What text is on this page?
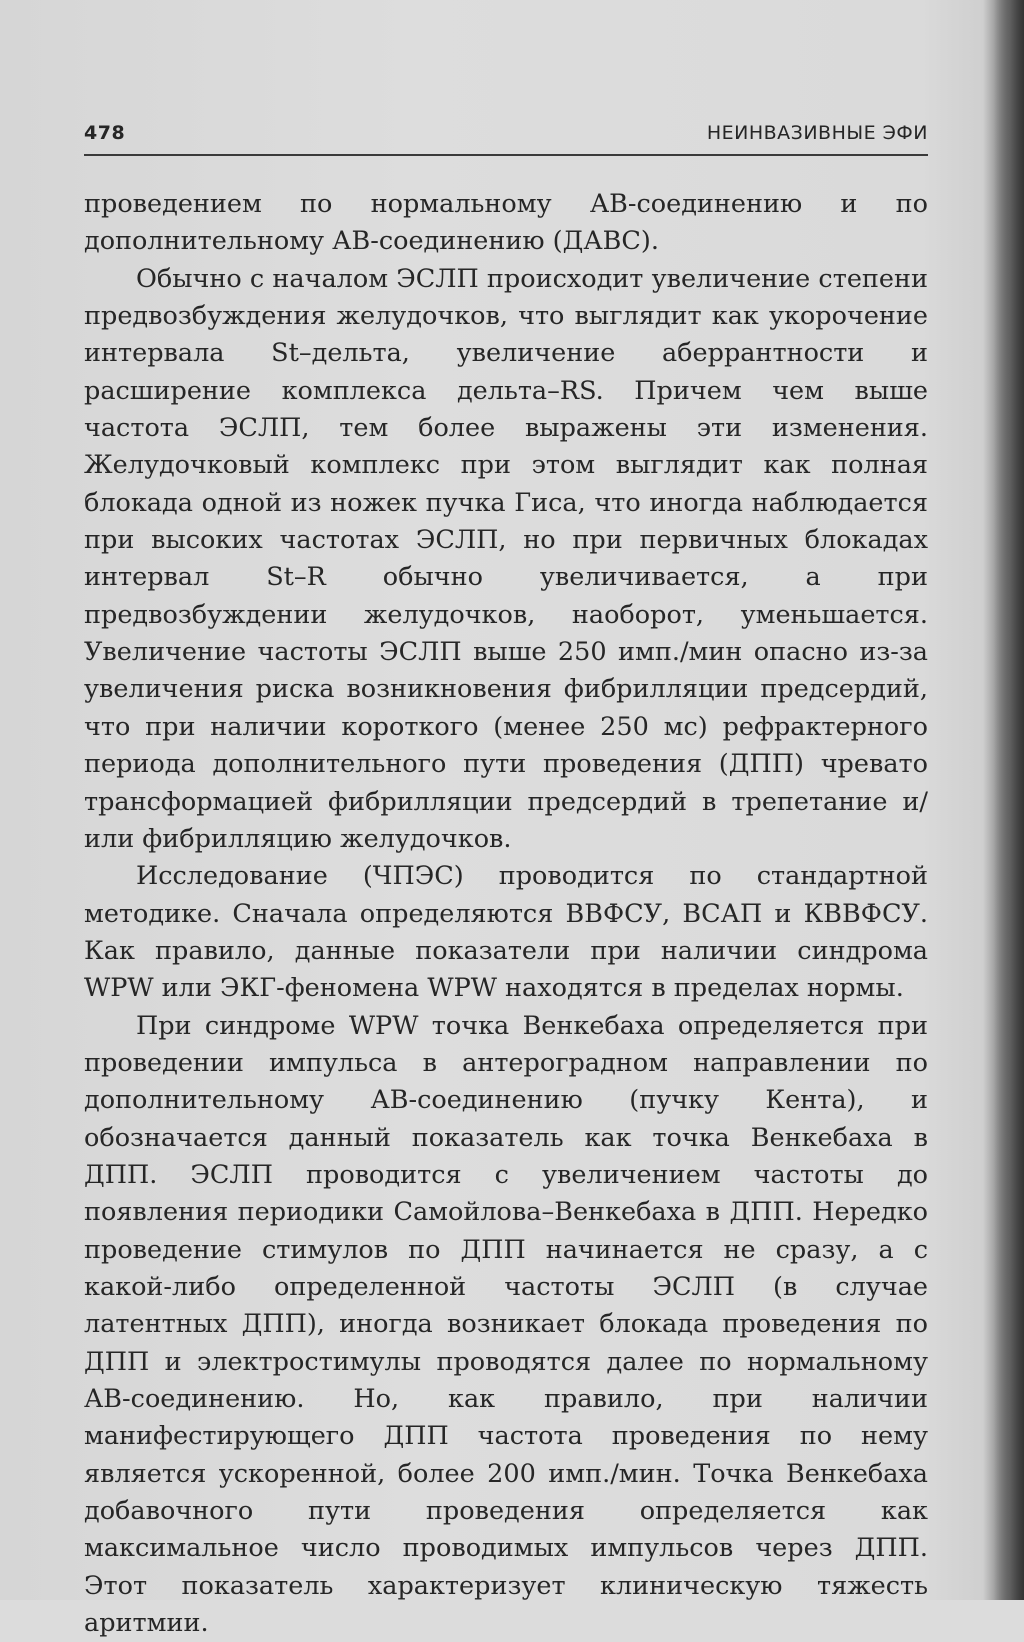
478	НЕИНВАЗИВНЫЕ ЭФИ

проведением по нормальному АВ-соединению и по дополнительному АВ-соединению (ДАВС).

Обычно с началом ЭСЛП происходит увеличение степени предвозбуждения желудочков, что выглядит как укорочение интервала St–дельта, увеличение аберрантности и расширение комплекса дельта–RS. Причем чем выше частота ЭСЛП, тем более выражены эти изменения. Желудочковый комплекс при этом выглядит как полная блокада одной из ножек пучка Гиса, что иногда наблюдается при высоких частотах ЭСЛП, но при первичных блокадах интервал St–R обычно увеличивается, а при предвозбуждении желудочков, наоборот, уменьшается. Увеличение частоты ЭСЛП выше 250 имп./мин опасно из-за увеличения риска возникновения фибрилляции предсердий, что при наличии короткого (менее 250 мс) рефрактерного периода дополнительного пути проведения (ДПП) чревато трансформацией фибрилляции предсердий в трепетание и/или фибрилляцию желудочков.

Исследование (ЧПЭС) проводится по стандартной методике. Сначала определяются ВВФСУ, ВСАП и КВВФСУ. Как правило, данные показатели при наличии синдрома WPW или ЭКГ-феномена WPW находятся в пределах нормы.

При синдроме WPW точка Венкебаха определяется при проведении импульса в антероградном направлении по дополнительному АВ-соединению (пучку Кента), и обозначается данный показатель как точка Венкебаха в ДПП. ЭСЛП проводится с увеличением частоты до появления периодики Самойлова–Венкебаха в ДПП. Нередко проведение стимулов по ДПП начинается не сразу, а с какой-либо определенной частоты ЭСЛП (в случае латентных ДПП), иногда возникает блокада проведения по ДПП и электростимулы проводятся далее по нормальному АВ-соединению. Но, как правило, при наличии манифестирующего ДПП частота проведения по нему является ускоренной, более 200 имп./мин. Точка Венкебаха добавочного пути проведения определяется как максимальное число проводимых импульсов через ДПП. Этот показатель характеризует клиническую тяжесть аритмии.
